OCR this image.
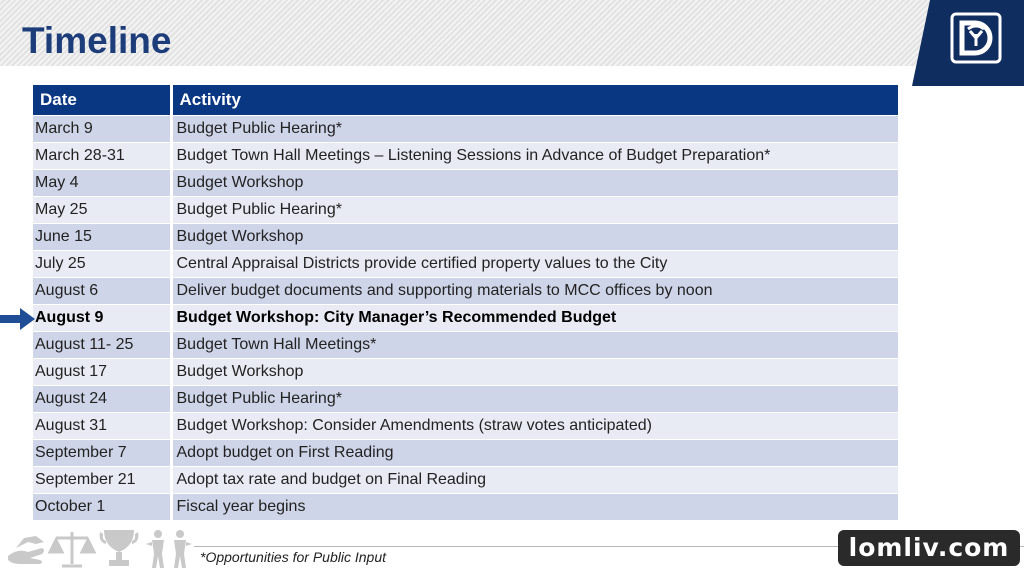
Timeline
Date	Activity
March 9	Budget Public Hearing*
March 28-31	Budget Town Hall Meetings – Listening Sessions in Advance of Budget Preparation*
May 4	Budget Workshop
May 25	Budget Public Hearing*
June 15	Budget Workshop
July 25	Central Appraisal Districts provide certified property values to the City
August 6	Deliver budget documents and supporting materials to MCC offices by noon
August 9	Budget Workshop: City Manager’s Recommended Budget
August 11- 25	Budget Town Hall Meetings*
August 17	Budget Workshop
August 24	Budget Public Hearing*
August 31	Budget Workshop: Consider Amendments (straw votes anticipated)
September 7	Adopt budget on First Reading
September 21	Adopt tax rate and budget on Final Reading
October 1	Fiscal year begins
*Opportunities for Public Input	lomliv.com
